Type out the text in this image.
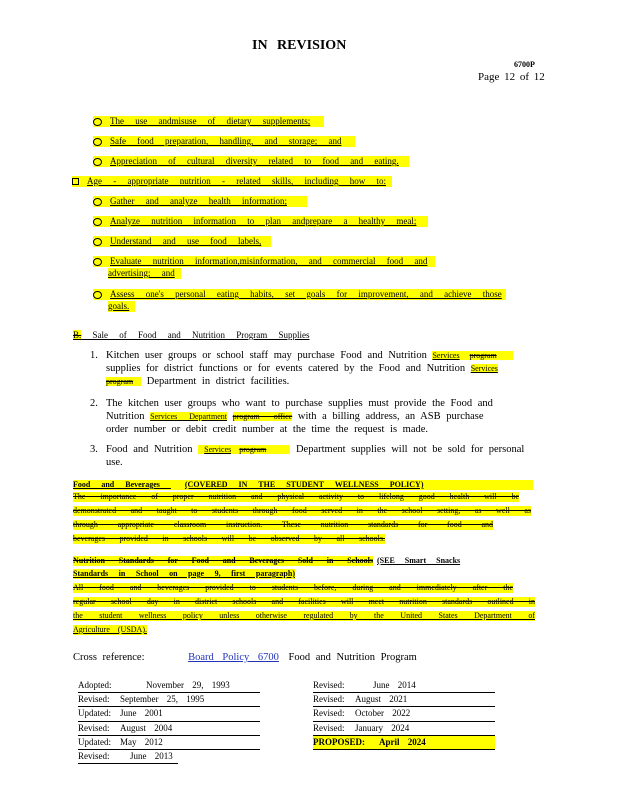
IN REVISION
6700P
Page 12 of 12
The use andmisuse of dietary supplements;
Safe food preparation, handling, and storage; and
Appreciation of cultural diversity related to food and eating.
Age - appropriate nutrition - related skills, including how to:
Gather and analyze health information;
Analyze nutrition information to plan andprepare a healthy meal;
Understand and use food labels,
Evaluate nutrition information,misinformation, and commercial food and
advertising; and
Assess one's personal eating habits, set goals for improvement, and achieve those
goals.
B. Sale of Food and Nutrition Program Supplies
1. Kitchen user groups or school staff may purchase Food and Nutrition Services program
supplies for district functions or for events catered by the Food and Nutrition Services
program Department in district facilities.
2. The kitchen user groups who want to purchase supplies must provide the Food and
Nutrition Services Department program office with a billing address, an ASB purchase
order number or debit credit number at the time the request is made.
3. Food and Nutrition Services program	Department supplies will not be sold for personal
use.
Food and Beverages	(COVERED IN THE STUDENT WELLNESS POLICY)
The importance of proper nutrition and physical activity to lifelong good health will be
demonstrated and taught to students through food served in the school setting, as well as
through appropriate classroom instruction. These nutrition standards for food and
beverages provided in schools will be observed by all schools.
Nutrition Standards for Food and Beverages Sold in Schools (SEE Smart Snacks
Standards in School on page 9, first paragraph)
All food and beverages provided to students before, during and immediately after the
regular school day in district schools and facilities will meet nutrition standards outlined in
the student wellness policy unless otherwise regulated by the United States Department of
Agriculture (USDA).
Cross reference:	Board Policy 6700 Food and Nutrition Program
Adopted:	November 29, 1993
Revised: September 25, 1995
Updated: June 2001
Revised: August 2004
Updated: May 2012
Revised: June 2013
Revised:	June 2014
Revised: August 2021
Revised: October 2022
Revised: January 2024
PROPOSED: April 2024
